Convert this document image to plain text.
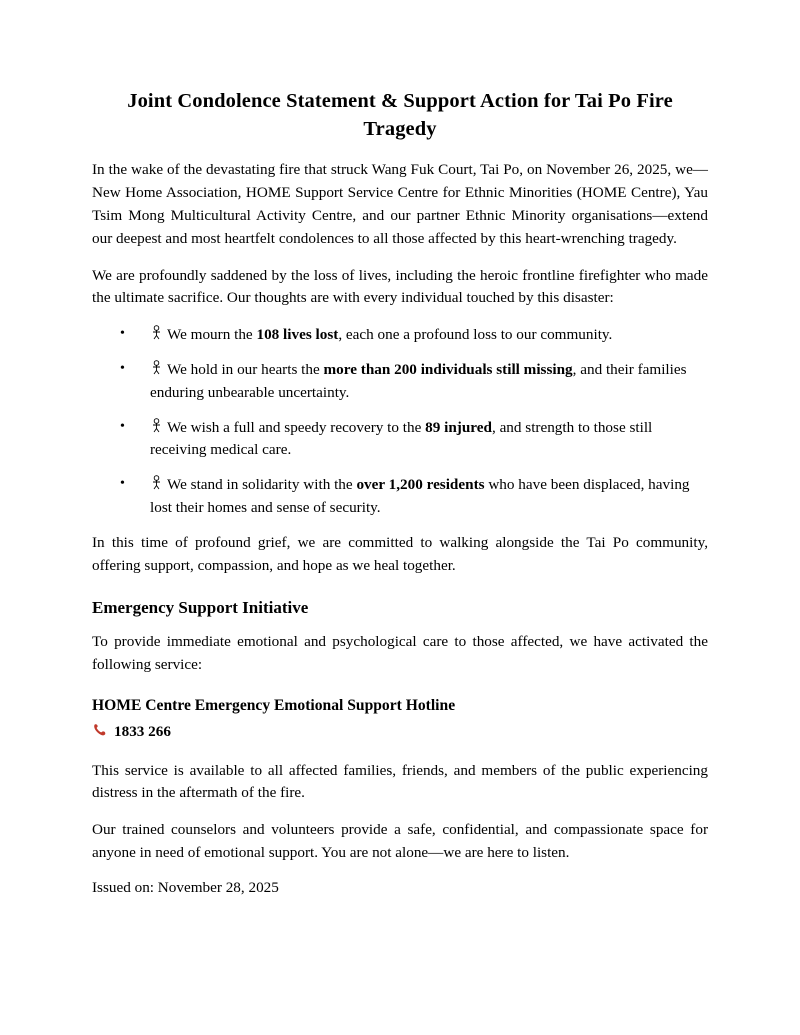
Joint Condolence Statement & Support Action for Tai Po Fire Tragedy

In the wake of the devastating fire that struck Wang Fuk Court, Tai Po, on November 26, 2025, we—New Home Association, HOME Support Service Centre for Ethnic Minorities (HOME Centre), Yau Tsim Mong Multicultural Activity Centre, and our partner Ethnic Minority organisations—extend our deepest and most heartfelt condolences to all those affected by this heart-wrenching tragedy.

We are profoundly saddened by the loss of lives, including the heroic frontline firefighter who made the ultimate sacrifice. Our thoughts are with every individual touched by this disaster:

•	We mourn the 108 lives lost, each one a profound loss to our community.
•	We hold in our hearts the more than 200 individuals still missing, and their families enduring unbearable uncertainty.
•	We wish a full and speedy recovery to the 89 injured, and strength to those still receiving medical care.
•	We stand in solidarity with the over 1,200 residents who have been displaced, having lost their homes and sense of security.

In this time of profound grief, we are committed to walking alongside the Tai Po community, offering support, compassion, and hope as we heal together.

Emergency Support Initiative

To provide immediate emotional and psychological care to those affected, we have activated the following service:

HOME Centre Emergency Emotional Support Hotline
1833 266

This service is available to all affected families, friends, and members of the public experiencing distress in the aftermath of the fire.

Our trained counselors and volunteers provide a safe, confidential, and compassionate space for anyone in need of emotional support. You are not alone—we are here to listen.

Issued on: November 28, 2025
